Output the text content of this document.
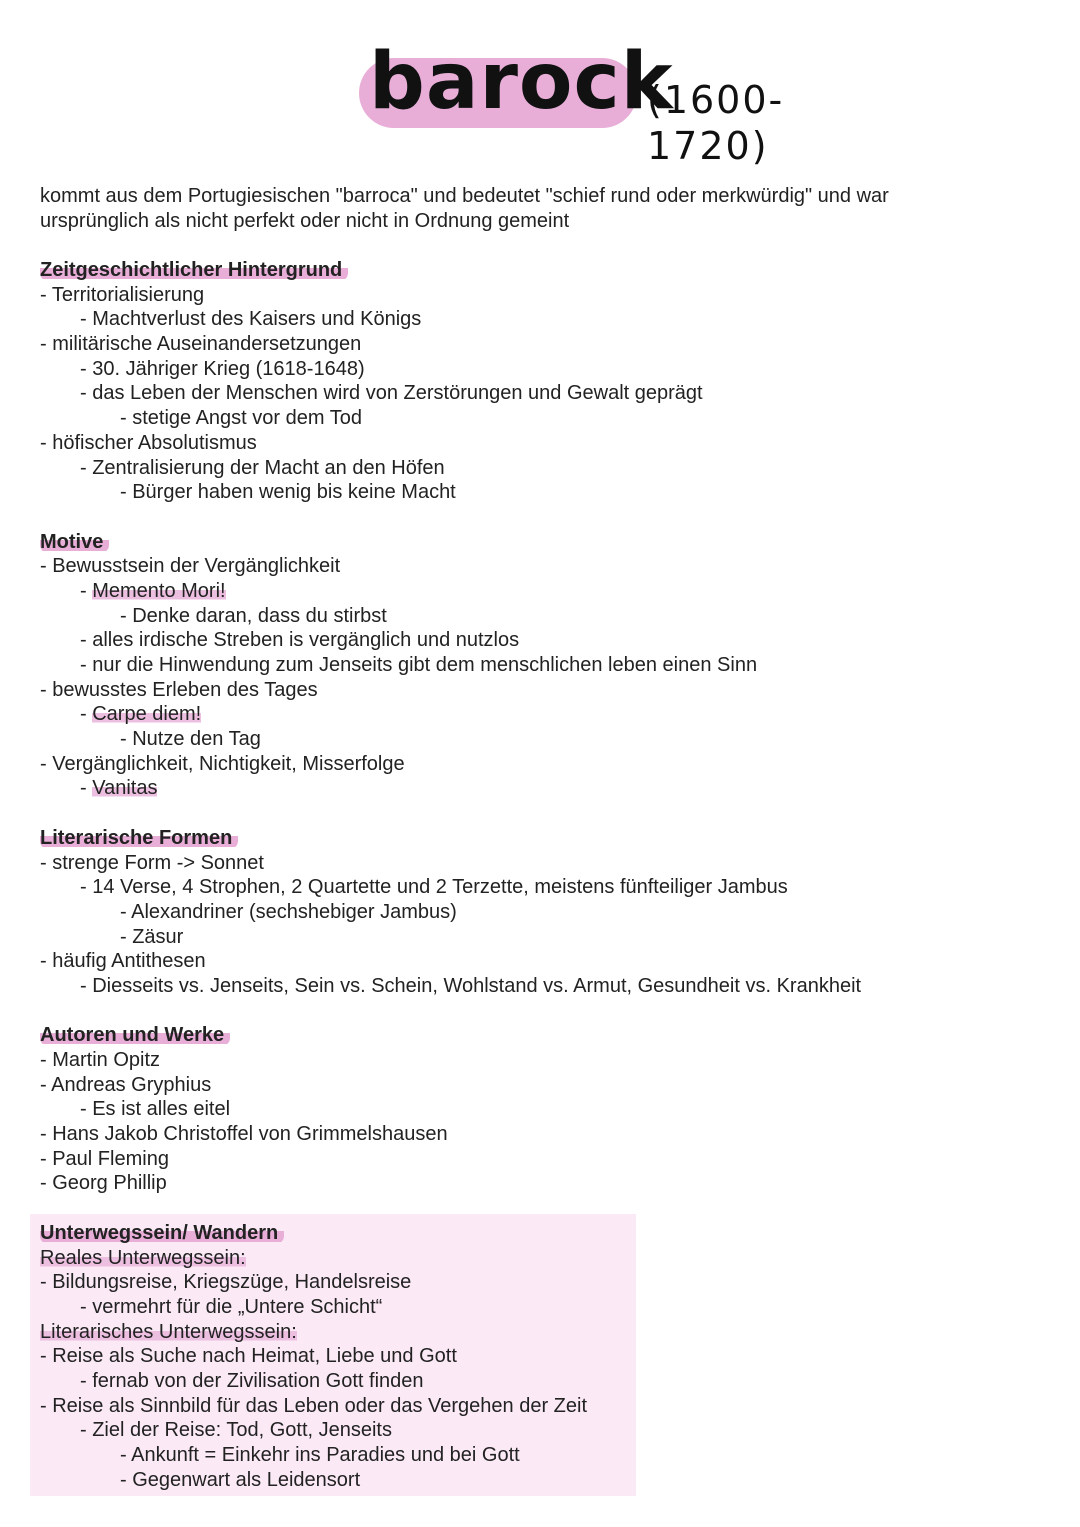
barock
(1600-1720)
kommt aus dem Portugiesischen "barroca" und bedeutet "schief rund oder merkwürdig" und war ursprünglich als nicht perfekt oder nicht in Ordnung gemeint
Zeitgeschichtlicher Hintergrund
- Territorialisierung
- Machtverlust des Kaisers und Königs
- militärische Auseinandersetzungen
- 30. Jähriger Krieg (1618-1648)
- das Leben der Menschen wird von Zerstörungen und Gewalt geprägt
- stetige Angst vor dem Tod
- höfischer Absolutismus
- Zentralisierung der Macht an den Höfen
- Bürger haben wenig bis keine Macht
Motive
- Bewusstsein der Vergänglichkeit
- Memento Mori!
- Denke daran, dass du stirbst
- alles irdische Streben is vergänglich und nutzlos
- nur die Hinwendung zum Jenseits gibt dem menschlichen leben einen Sinn
- bewusstes Erleben des Tages
- Carpe diem!
- Nutze den Tag
- Vergänglichkeit, Nichtigkeit, Misserfolge
- Vanitas
Literarische Formen
- strenge Form -> Sonnet
- 14 Verse, 4 Strophen, 2 Quartette und 2 Terzette, meistens fünfteiliger Jambus
- Alexandriner (sechshebiger Jambus)
- Zäsur
- häufig Antithesen
- Diesseits vs. Jenseits, Sein vs. Schein, Wohlstand vs. Armut, Gesundheit vs. Krankheit
Autoren und Werke
- Martin Opitz
- Andreas Gryphius
- Es ist alles eitel
- Hans Jakob Christoffel von Grimmelshausen
- Paul Fleming
- Georg Phillip
Unterwegssein/ Wandern
Reales Unterwegssein:
- Bildungsreise, Kriegszüge, Handelsreise
- vermehrt für die „Untere Schicht“
Literarisches Unterwegssein:
- Reise als Suche nach Heimat, Liebe und Gott
- fernab von der Zivilisation Gott finden
- Reise als Sinnbild für das Leben oder das Vergehen der Zeit
- Ziel der Reise: Tod, Gott, Jenseits
- Ankunft = Einkehr ins Paradies und bei Gott
- Gegenwart als Leidensort
